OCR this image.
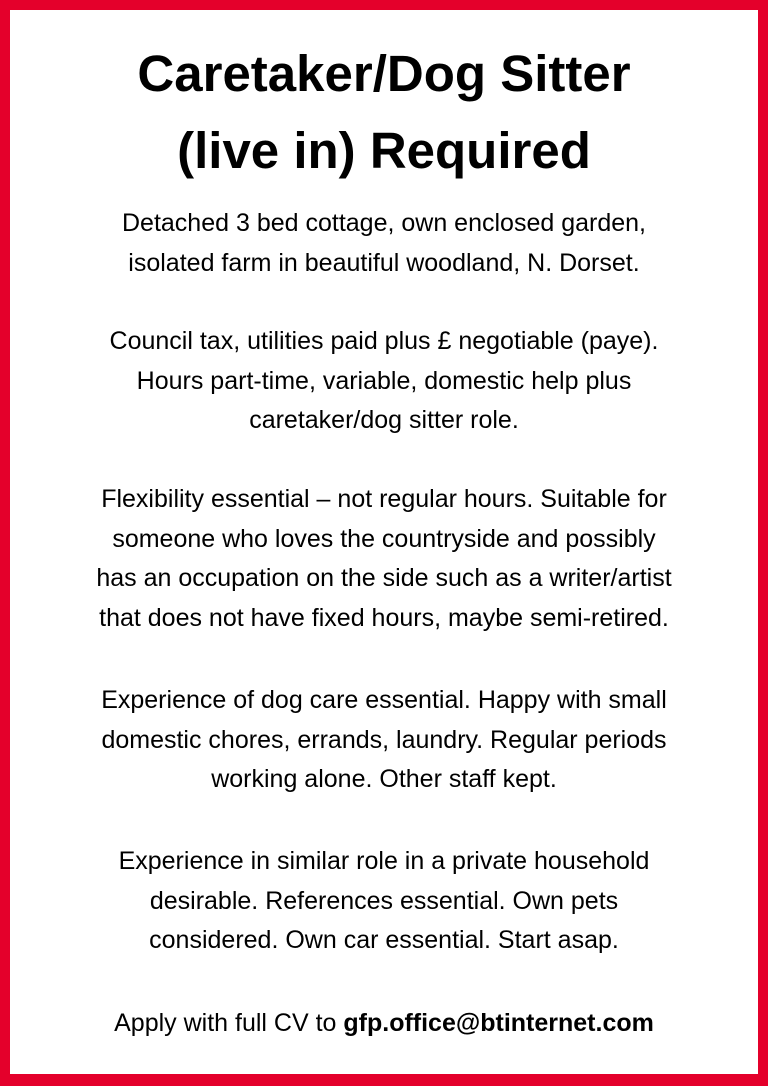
Caretaker/Dog Sitter
(live in) Required

Detached 3 bed cottage, own enclosed garden,
isolated farm in beautiful woodland, N. Dorset.

Council tax, utilities paid plus £ negotiable (paye).
Hours part-time, variable, domestic help plus
caretaker/dog sitter role.

Flexibility essential – not regular hours. Suitable for
someone who loves the countryside and possibly
has an occupation on the side such as a writer/artist
that does not have fixed hours, maybe semi-retired.

Experience of dog care essential. Happy with small
domestic chores, errands, laundry. Regular periods
working alone. Other staff kept.

Experience in similar role in a private household
desirable. References essential. Own pets
considered. Own car essential. Start asap.

Apply with full CV to gfp.office@btinternet.com
